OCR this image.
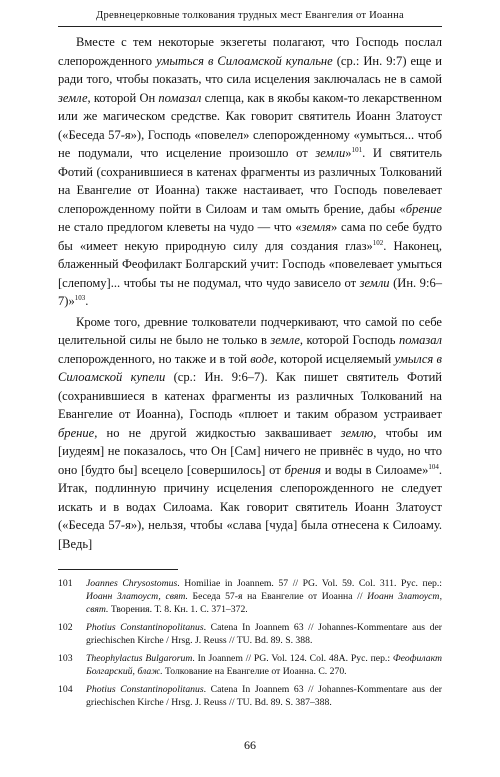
Древнецерковные толкования трудных мест Евангелия от Иоанна

Вместе с тем некоторые экзегеты полагают, что Господь послал слепорожденного умыться в Силоамской купальне (ср.: Ин. 9:7) еще и ради того, чтобы показать, что сила исцеления заключалась не в самой земле, которой Он помазал слепца, как в якобы каком-то лекарственном или же магическом средстве. Как говорит святитель Иоанн Златоуст («Беседа 57-я»), Господь «повелел» слепорожденному «умыться... чтоб не подумали, что исцеление произошло от земли»$^{101}$. И святитель Фотий (сохранившиеся в катенах фрагменты из различных Толкований на Евангелие от Иоанна) также настаивает, что Господь повелевает слепорожденному пойти в Силоам и там омыть брение, дабы «брение не стало предлогом клеветы на чудо — что «земля» сама по себе будто бы «имеет некую природную силу для создания глаз»$^{102}$. Наконец, блаженный Феофилакт Болгарский учит: Господь «повелевает умыться [слепому]... чтобы ты не подумал, что чудо зависело от земли (Ин. 9:6–7)»$^{103}$.

Кроме того, древние толкователи подчеркивают, что самой по себе целительной силы не было не только в земле, которой Господь помазал слепорожденного, но также и в той воде, которой исцеляемый умылся в Силоамской купели (ср.: Ин. 9:6–7). Как пишет святитель Фотий (сохранившиеся в катенах фрагменты из различных Толкований на Евангелие от Иоанна), Господь «плюет и таким образом устраивает брение, но не другой жидкостью заквашивает землю, чтобы им [иудеям] не показалось, что Он [Сам] ничего не привнёс в чудо, но что оно [будто бы] всецело [совершилось] от брения и воды в Силоаме»$^{104}$. Итак, подлинную причину исцеления слепорожденного не следует искать и в водах Силоама. Как говорит святитель Иоанн Златоуст («Беседа 57-я»), нельзя, чтобы «слава [чуда] была отнесена к Силоаму. [Ведь]

101	Joannes Chrysostomus. Homiliae in Joannem. 57 // PG. Vol. 59. Col. 311. Рус. пер.: Иоанн Златоуст, свят. Беседа 57-я на Евангелие от Иоанна // Иоанн Златоуст, свят. Творения. Т. 8. Кн. 1. С. 371–372.
102	Photius Constantinopolitanus. Catena In Joannem 63 // Johannes-Kommentare aus der griechischen Kirche / Hrsg. J. Reuss // TU. Bd. 89. S. 388.
103	Theophylactus Bulgarorum. In Joannem // PG. Vol. 124. Col. 48A. Рус. пер.: Феофилакт Болгарский, блаж. Толкование на Евангелие от Иоанна. С. 270.
104	Photius Constantinopolitanus. Catena In Joannem 63 // Johannes-Kommentare aus der griechischen Kirche / Hrsg. J. Reuss // TU. Bd. 89. S. 387–388.
66
